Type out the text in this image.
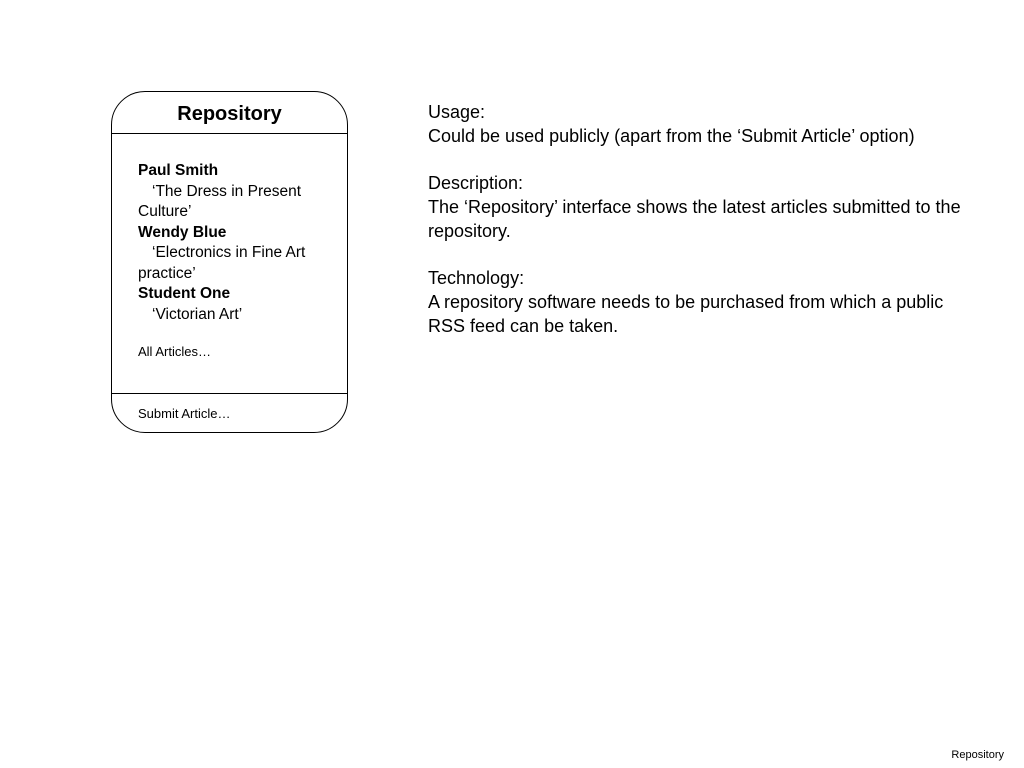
Repository
Paul Smith
‘The Dress in Present Culture’
Wendy Blue
‘Electronics in Fine Art practice’
Student One
‘Victorian Art’
All Articles…
Submit Article…
Usage:
Could be used publicly (apart from the ‘Submit Article’ option)
Description:
The ‘Repository’ interface shows the latest articles submitted to the repository.
Technology:
A repository software needs to be purchased from which a public RSS feed can be taken.
Repository
